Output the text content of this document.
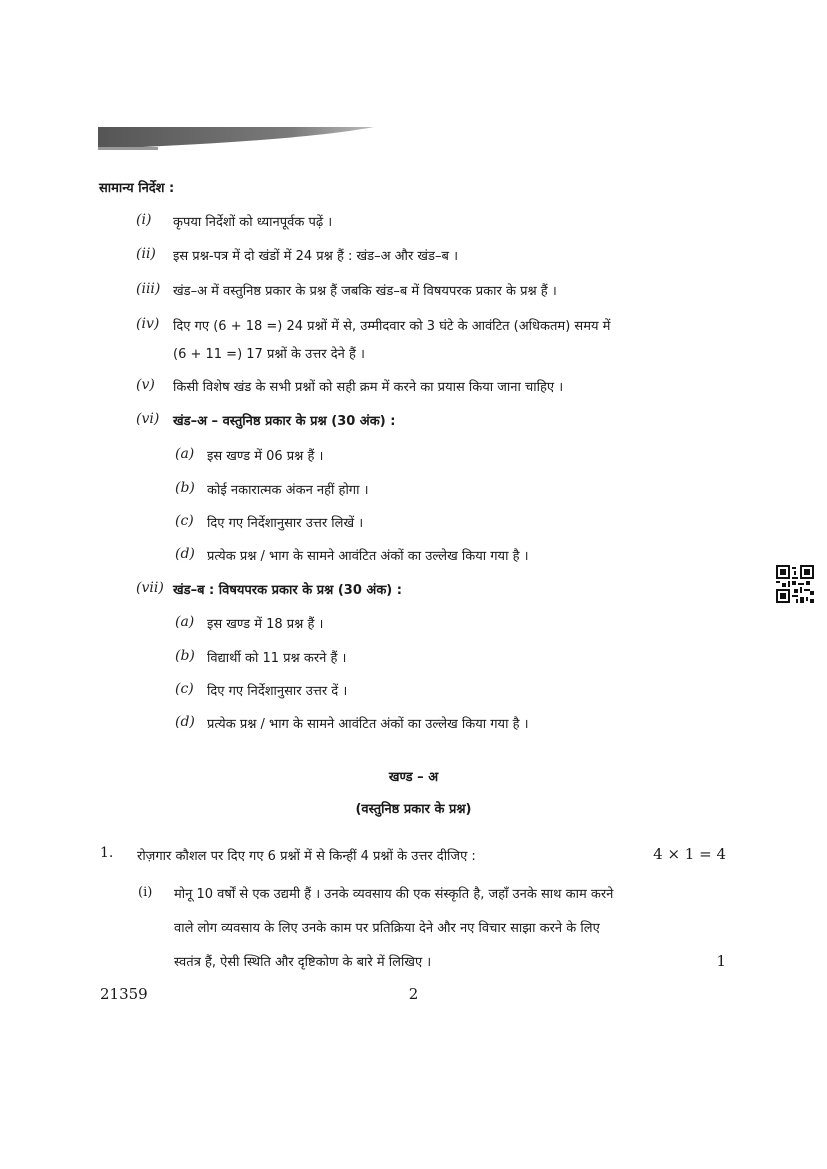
सामान्य निर्देश :
(i) कृपया निर्देशों को ध्यानपूर्वक पढ़ें ।
(ii) इस प्रश्न-पत्र में दो खंडों में 24 प्रश्न हैं : खंड–अ और खंड–ब ।
(iii) खंड–अ में वस्तुनिष्ठ प्रकार के प्रश्न हैं जबकि खंड–ब में विषयपरक प्रकार के प्रश्न हैं ।
(iv) दिए गए (6 + 18 =) 24 प्रश्नों में से, उम्मीदवार को 3 घंटे के आवंटित (अधिकतम) समय में
(6 + 11 =) 17 प्रश्नों के उत्तर देने हैं ।
(v) किसी विशेष खंड के सभी प्रश्नों को सही क्रम में करने का प्रयास किया जाना चाहिए ।
(vi) खंड–अ – वस्तुनिष्ठ प्रकार के प्रश्न (30 अंक) :
(a) इस खण्ड में 06 प्रश्न हैं ।
(b) कोई नकारात्मक अंकन नहीं होगा ।
(c) दिए गए निर्देशानुसार उत्तर लिखें ।
(d) प्रत्येक प्रश्न / भाग के सामने आवंटित अंकों का उल्लेख किया गया है ।
(vii) खंड–ब : विषयपरक प्रकार के प्रश्न (30 अंक) :
(a) इस खण्ड में 18 प्रश्न हैं ।
(b) विद्यार्थी को 11 प्रश्न करने हैं ।
(c) दिए गए निर्देशानुसार उत्तर दें ।
(d) प्रत्येक प्रश्न / भाग के सामने आवंटित अंकों का उल्लेख किया गया है ।
खण्ड – अ
(वस्तुनिष्ठ प्रकार के प्रश्न)
1. रोज़गार कौशल पर दिए गए 6 प्रश्नों में से किन्हीं 4 प्रश्नों के उत्तर दीजिए :	4 × 1 = 4
(i) मोनू 10 वर्षों से एक उद्यमी हैं । उनके व्यवसाय की एक संस्कृति है, जहाँ उनके साथ काम करने
वाले लोग व्यवसाय के लिए उनके काम पर प्रतिक्रिया देने और नए विचार साझा करने के लिए
स्वतंत्र हैं, ऐसी स्थिति और दृष्टिकोण के बारे में लिखिए ।	1
21359	2
